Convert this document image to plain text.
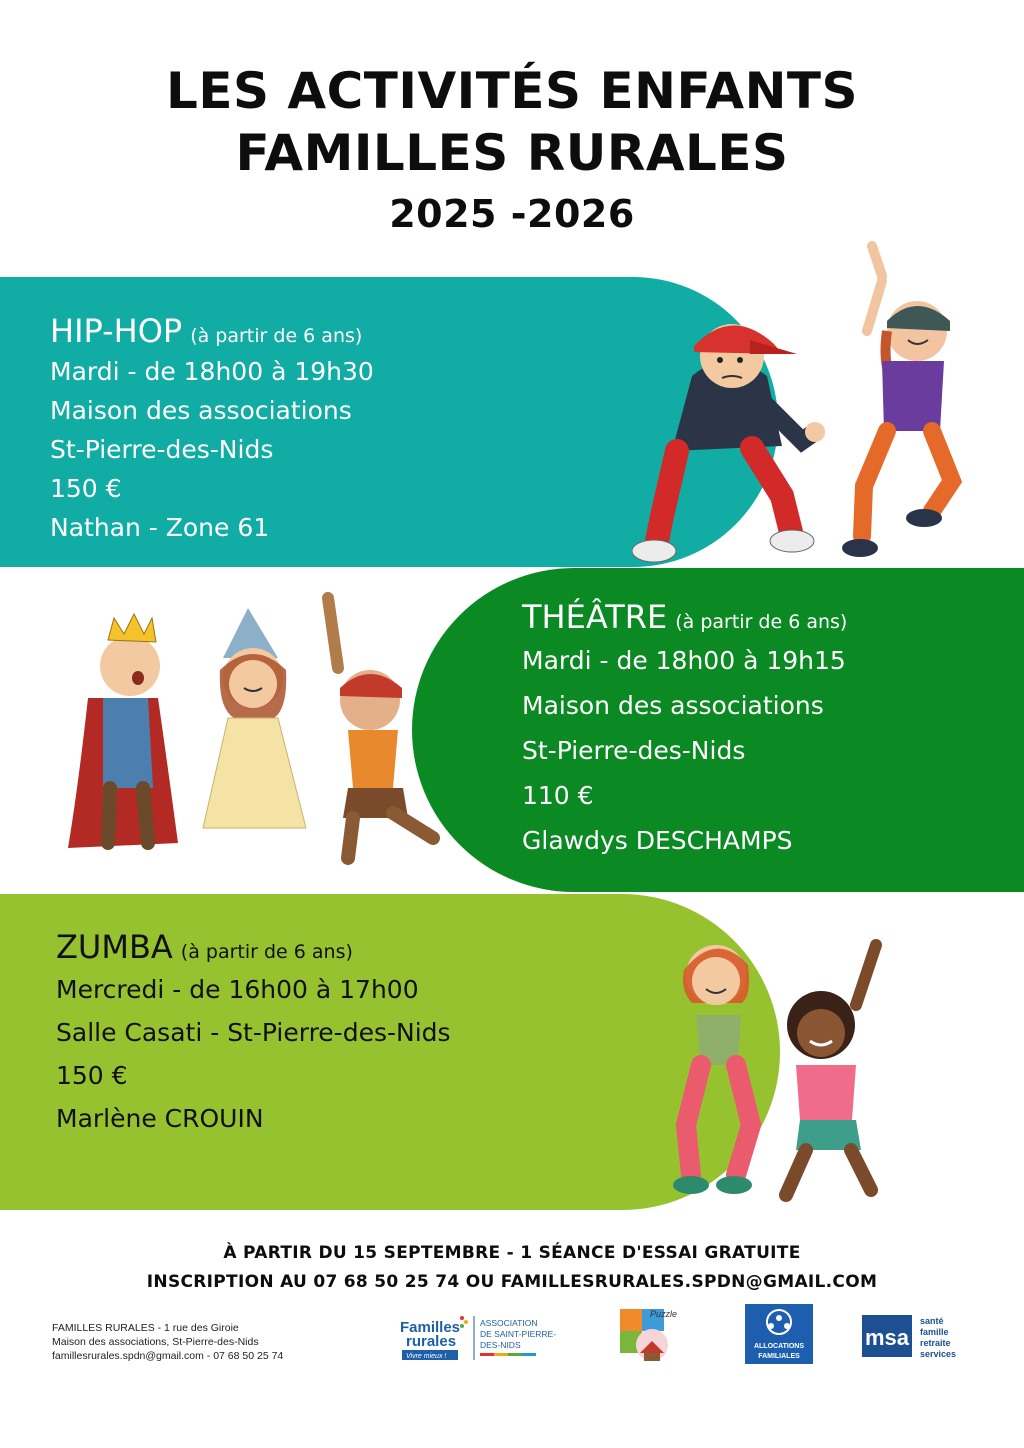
LES ACTIVITÉS ENFANTS
FAMILLES RURALES
2025 -2026
HIP-HOP (à partir de 6 ans)
Mardi - de 18h00 à 19h30
Maison des associations
St-Pierre-des-Nids
150 €
Nathan - Zone 61
THÉÂTRE (à partir de 6 ans)
Mardi - de 18h00 à 19h15
Maison des associations
St-Pierre-des-Nids
110 €
Glawdys DESCHAMPS
ZUMBA (à partir de 6 ans)
Mercredi - de 16h00 à 17h00
Salle Casati - St-Pierre-des-Nids
150 €
Marlène CROUIN
À PARTIR DU 15 SEPTEMBRE - 1 SÉANCE D'ESSAI GRATUITE
INSCRIPTION AU 07 68 50 25 74 OU FAMILLESRURALES.SPDN@GMAIL.COM
FAMILLES RURALES - 1 rue des Giroie
Maison des associations, St-Pierre-des-Nids
famillesrurales.spdn@gmail.com - 07 68 50 25 74
Familles
rurales
Vivre mieux !
ASSOCIATION
DE SAINT-PIERRE-
DES-NIDS
Puzzle
ALLOCATIONS
FAMILIALES
msa
santé
famille
retraite
services
